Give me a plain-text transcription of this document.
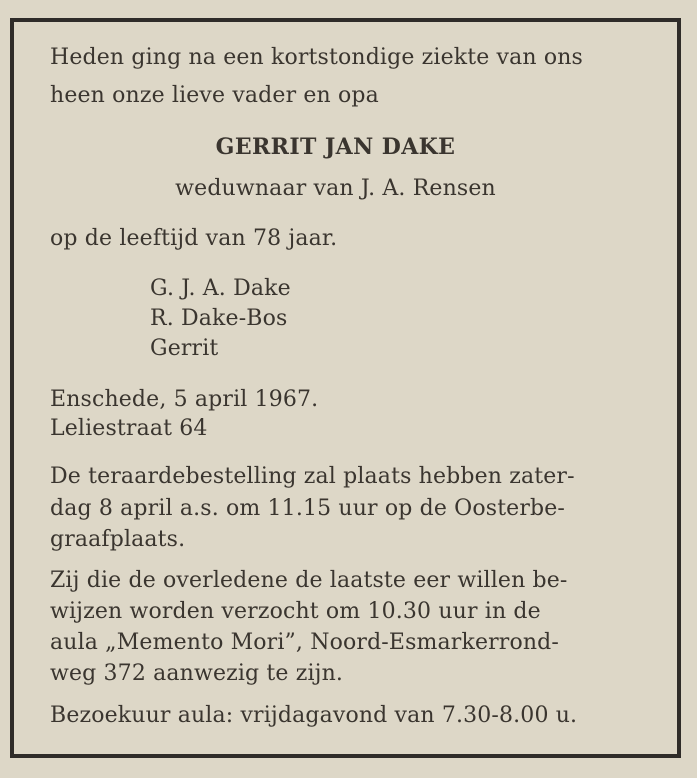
Heden ging na een kortstondige ziekte van ons
heen onze lieve vader en opa
GERRIT JAN DAKE
weduwnaar van J. A. Rensen
op de leeftijd van 78 jaar.
G. J. A. Dake
R. Dake-Bos
Gerrit
Enschede, 5 april 1967.
Leliestraat 64
De teraardebestelling zal plaats hebben zater-
dag 8 april a.s. om 11.15 uur op de Oosterbe-
graafplaats.
Zij die de overledene de laatste eer willen be-
wijzen worden verzocht om 10.30 uur in de
aula „Memento Mori”, Noord-Esmarkerrond-
weg 372 aanwezig te zijn.
Bezoekuur aula: vrijdagavond van 7.30-8.00 u.
